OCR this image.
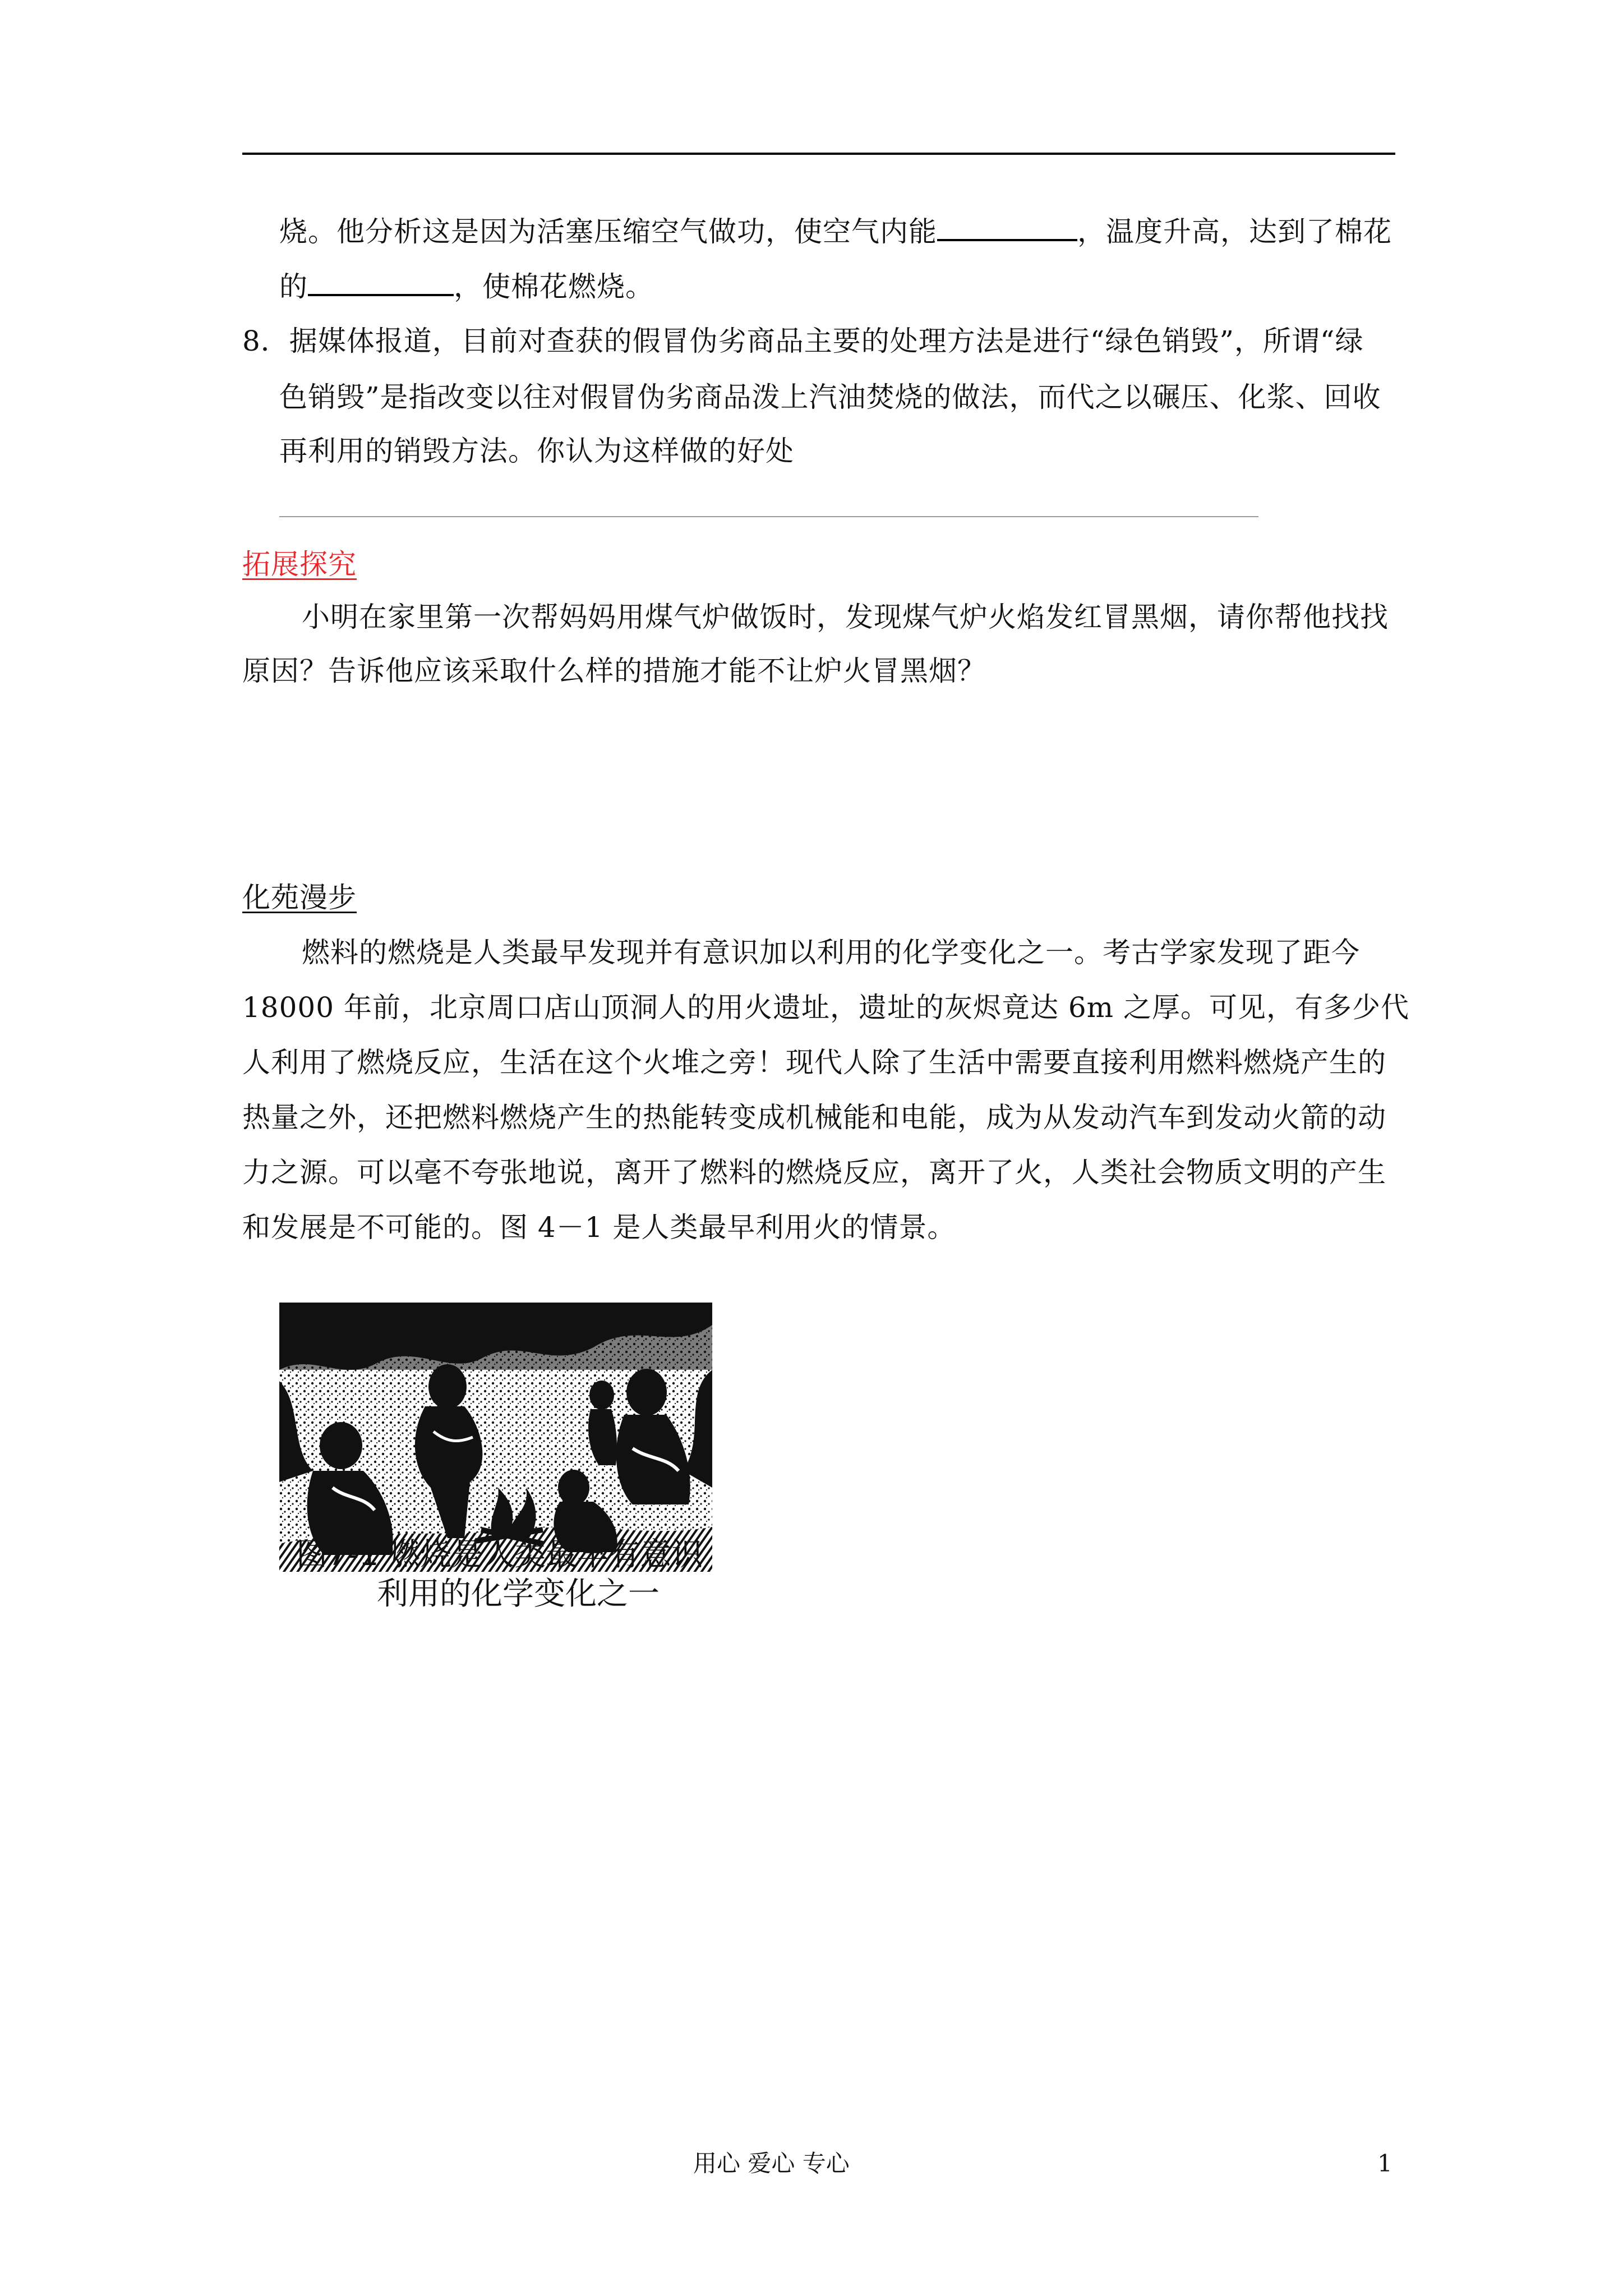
烧。他分析这是因为活塞压缩空气做功，使空气内能	，温度升高，达到了棉花
的	，使棉花燃烧。
8．据媒体报道，目前对查获的假冒伪劣商品主要的处理方法是进行“绿色销毁”，所谓“绿
色销毁”是指改变以往对假冒伪劣商品泼上汽油焚烧的做法，而代之以碾压、化浆、回收
再利用的销毁方法。你认为这样做的好处
拓展探究
小明在家里第一次帮妈妈用煤气炉做饭时，发现煤气炉火焰发红冒黑烟，请你帮他找找
原因？告诉他应该采取什么样的措施才能不让炉火冒黑烟？
化苑漫步
燃料的燃烧是人类最早发现并有意识加以利用的化学变化之一。考古学家发现了距今
18000 年前，北京周口店山顶洞人的用火遗址，遗址的灰烬竟达 6m 之厚。可见，有多少代
人利用了燃烧反应，生活在这个火堆之旁！现代人除了生活中需要直接利用燃料燃烧产生的
热量之外，还把燃料燃烧产生的热能转变成机械能和电能，成为从发动汽车到发动火箭的动
力之源。可以毫不夸张地说，离开了燃料的燃烧反应，离开了火，人类社会物质文明的产生
和发展是不可能的。图 4－1 是人类最早利用火的情景。
图7-1 燃烧是人类最早有意识
利用的化学变化之一
用心 爱心 专心	1
